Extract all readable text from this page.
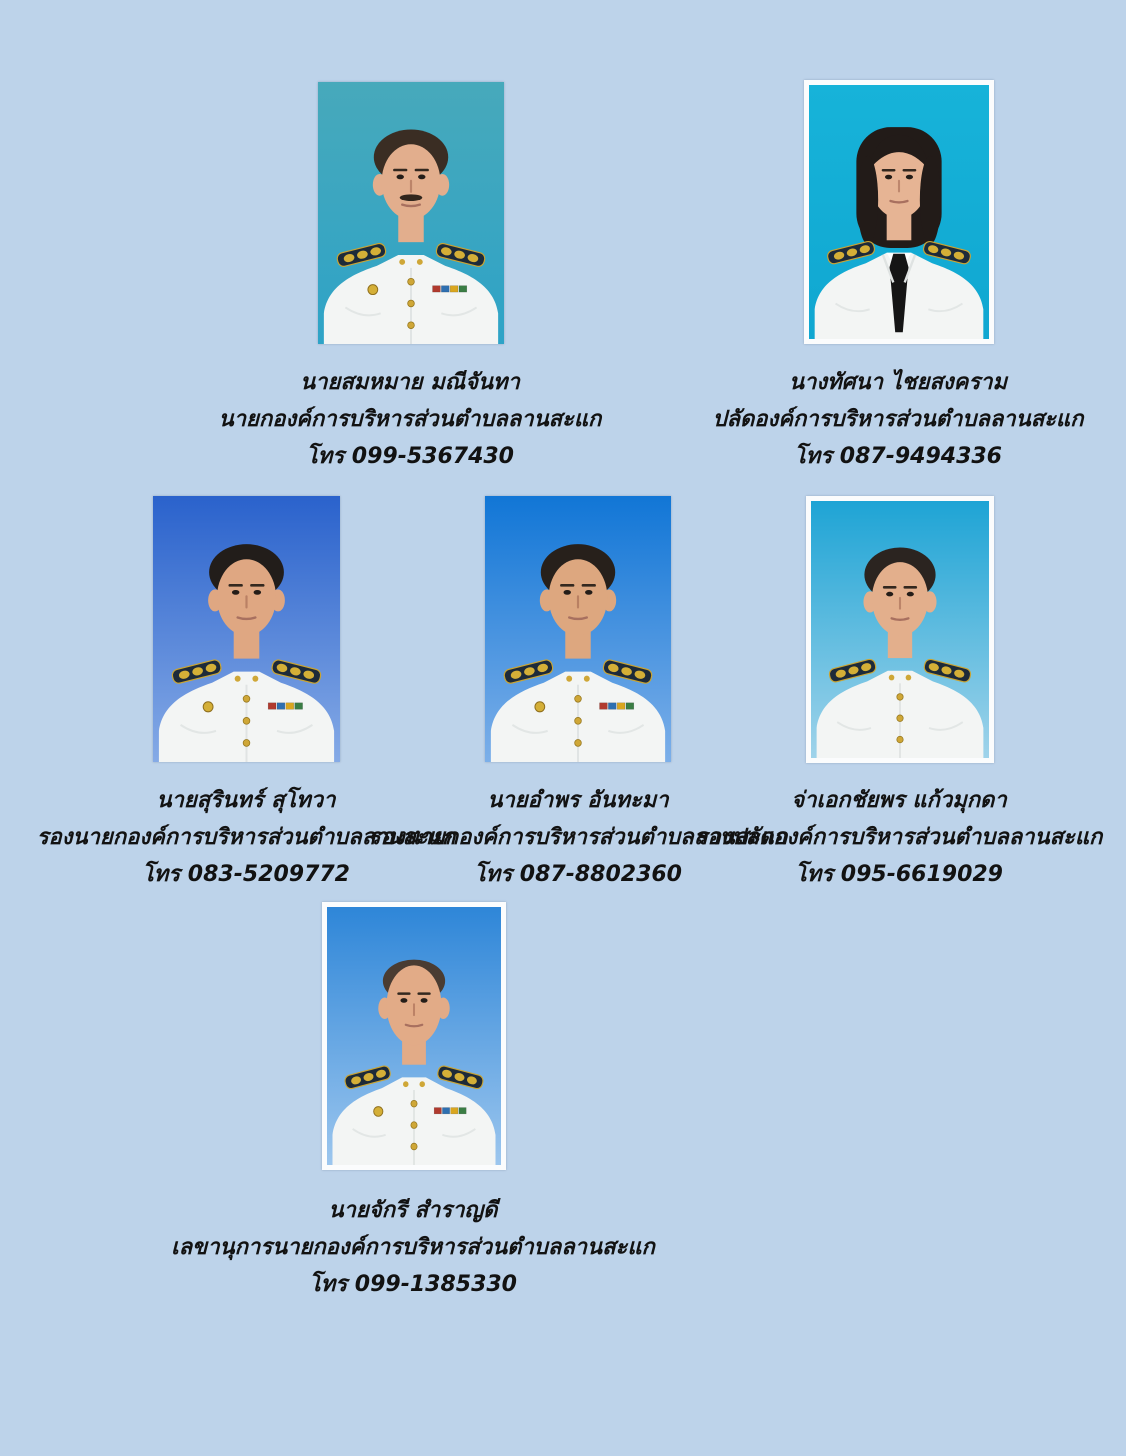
นายสมหมาย มณีจันทา
นายกองค์การบริหารส่วนตำบลลานสะแก
โทร 099-5367430
นางทัศนา ไชยสงคราม
ปลัดองค์การบริหารส่วนตำบลลานสะแก
โทร 087-9494336
นายสุรินทร์ สุโทวา
รองนายกองค์การบริหารส่วนตำบลลานสะแก
โทร 083-5209772
นายอำพร อันทะมา
รองนายกองค์การบริหารส่วนตำบลลานสะแก
โทร 087-8802360
จ่าเอกชัยพร แก้วมุกดา
รองปลัดองค์การบริหารส่วนตำบลลานสะแก
โทร 095-6619029
นายจักรี สำราญดี
เลขานุการนายกองค์การบริหารส่วนตำบลลานสะแก
โทร 099-1385330
